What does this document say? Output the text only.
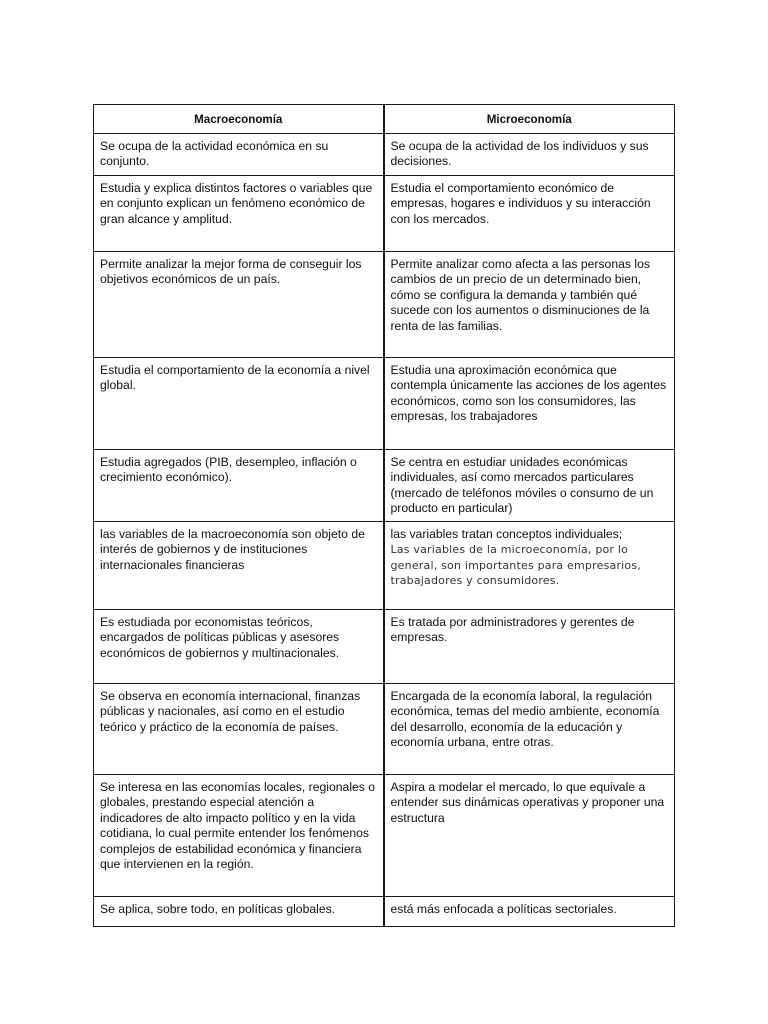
Macroeconomía	Microeconomía
Se ocupa de la actividad económica en su conjunto.	Se ocupa de la actividad de los individuos y sus decisiones.
Estudia y explica distintos factores o variables que en conjunto explican un fenómeno económico de gran alcance y amplitud.	Estudia el comportamiento económico de empresas, hogares e individuos y su interacción con los mercados.
Permite analizar la mejor forma de conseguir los objetivos económicos de un país.	Permite analizar como afecta a las personas los cambios de un precio de un determinado bien, cómo se configura la demanda y también qué sucede con los aumentos o disminuciones de la renta de las familias.
Estudia el comportamiento de la economía a nivel global.	Estudia una aproximación económica que contempla únicamente las acciones de los agentes económicos, como son los consumidores, las empresas, los trabajadores
Estudia agregados (PIB, desempleo, inflación o crecimiento económico).	Se centra en estudiar unidades económicas individuales, así como mercados particulares (mercado de teléfonos móviles o consumo de un producto en particular)
las variables de la macroeconomía son objeto de interés de gobiernos y de instituciones internacionales financieras	las variables tratan conceptos individuales;
Las variables de la microeconomía, por lo general, son importantes para empresarios, trabajadores y consumidores.

Es estudiada por economistas teóricos, encargados de políticas públicas y asesores económicos de gobiernos y multinacionales.	Es tratada por administradores y gerentes de empresas.
Se observa en economía internacional, finanzas públicas y nacionales, así como en el estudio teórico y práctico de la economía de países.	Encargada de la economía laboral, la regulación económica, temas del medio ambiente, economía del desarrollo, economía de la educación y economía urbana, entre otras.
Se interesa en las economías locales, regionales o globales, prestando especial atención a indicadores de alto impacto político y en la vida cotidiana, lo cual permite entender los fenómenos complejos de estabilidad económica y financiera que intervienen en la región.	Aspira a modelar el mercado, lo que equivale a entender sus dinámicas operativas y proponer una estructura
Se aplica, sobre todo, en políticas globales.	está más enfocada a políticas sectoriales.
